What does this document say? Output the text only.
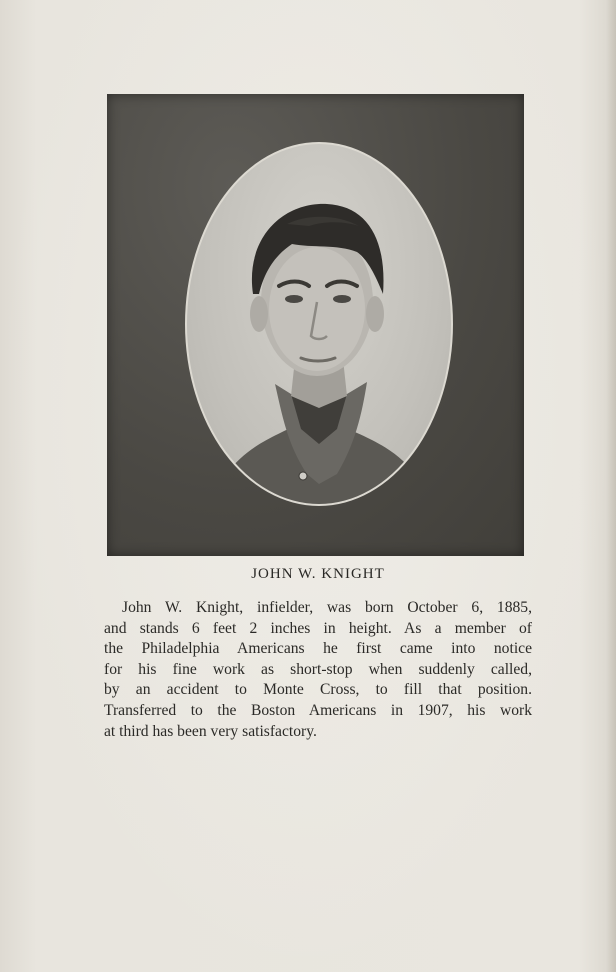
JOHN W. KNIGHT

John W. Knight, infielder, was born October 6, 1885,
and stands 6 feet 2 inches in height. As a member of
the Philadelphia Americans he first came into notice
for his fine work as short-stop when suddenly called,
by an accident to Monte Cross, to fill that position.
Transferred to the Boston Americans in 1907, his work
at third has been very satisfactory.
